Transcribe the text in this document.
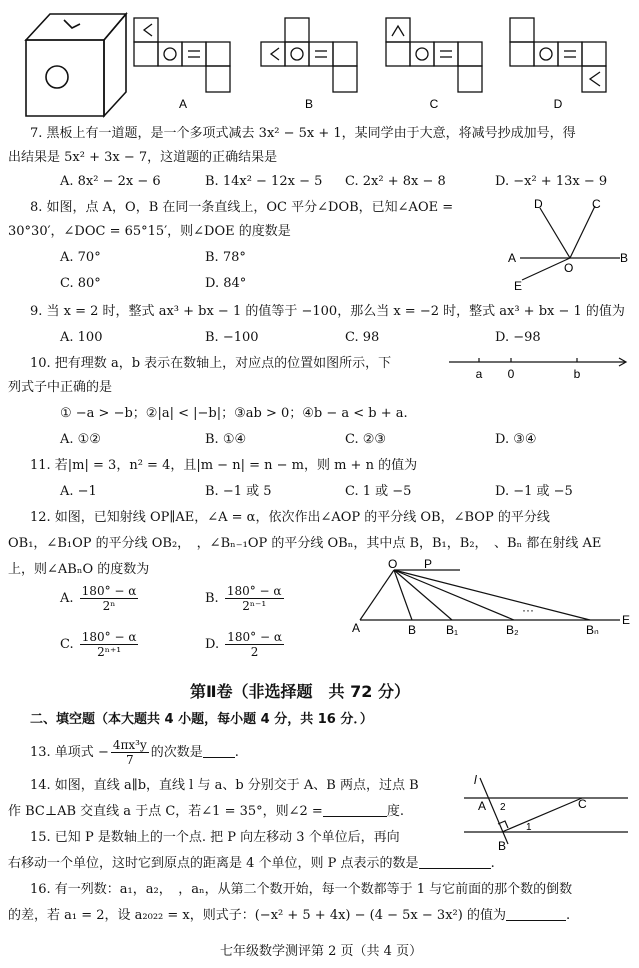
A	B	C	D
7. 黑板上有一道题，是一个多项式减去 3x² − 5x + 1，某同学由于大意，将减号抄成加号，得
出结果是 5x² + 3x − 7，这道题的正确结果是
A. 8x² − 2x − 6	B. 14x² − 12x − 5 C. 2x² + 8x − 8	D. −x² + 13x − 9
8. 如图，点 A，O，B 在同一条直线上，OC 平分∠DOB，已知∠AOE =
30°30′，∠DOC = 65°15′，则∠DOE 的度数是
A. 70°	B. 78°
C. 80°	D. 84°
D	C
A
O
B
E
9. 当 x = 2 时，整式 ax³ + bx − 1 的值等于 −100，那么当 x = −2 时，整式 ax³ + bx − 1 的值为
A. 100	B. −100	C. 98	D. −98
10. 把有理数 a，b 表示在数轴上，对应点的位置如图所示，下
列式子中正确的是
① −a > −b；②|a| < |−b|；③ab > 0；④b − a < b + a.
A. ①②	B. ①④	C. ②③	D. ③④
a 0	b
11. 若|m| = 3，n² = 4，且|m − n| = n − m，则 m + n 的值为
A. −1	B. −1 或 5	C. 1 或 −5	D. −1 或 −5
12. 如图，已知射线 OP∥AE，∠A = α，依次作出∠AOP 的平分线 OB，∠BOP 的平分线
OB₁，∠B₁OP 的平分线 OB₂，　，∠Bₙ₋₁OP 的平分线 OBₙ，其中点 B，B₁，B₂，　、Bₙ 都在射线 AE
上，则∠ABₙO 的度数为
A. $\frac{180^\circ - \alpha}{\text{2ⁿ}}$	B. $\frac{180^\circ - \alpha}{\text{2ⁿ⁻¹}}$
C. $\frac{180^\circ - \alpha}{\text{2ⁿ⁺¹}}$	D. $\frac{180^\circ - \alpha}{2}$
O P
A	B B₁	B₂
···
Bₙ
E
第Ⅱ卷（非选择题　共 72 分）
二、填空题（本大题共 4 小题，每小题 4 分，共 16 分．）
13. 单项式 − $\frac{\text{4πx³y}}{7}$ 的次数是 .
14. 如图，直线 a∥b，直线 l 与 a、b 分别交于 A、B 两点，过点 B
作 BC⊥AB 交直线 a 于点 C，若∠1 = 35°，则∠2 =	度.
l
A 2	C
1
B
15. 已知 P 是数轴上的一个点. 把 P 向左移动 3 个单位后，再向
右移动一个单位，这时它到原点的距离是 4 个单位，则 P 点表示的数是	.
16. 有一列数：a₁，a₂，　，aₙ，从第二个数开始，每一个数都等于 1 与它前面的那个数的倒数
的差，若 a₁ = 2，设 a₂₀₂₂ = x，则式子：(−x² + 5 + 4x) − (4 − 5x − 3x²) 的值为	.
七年级数学测评第 2 页（共 4 页）
